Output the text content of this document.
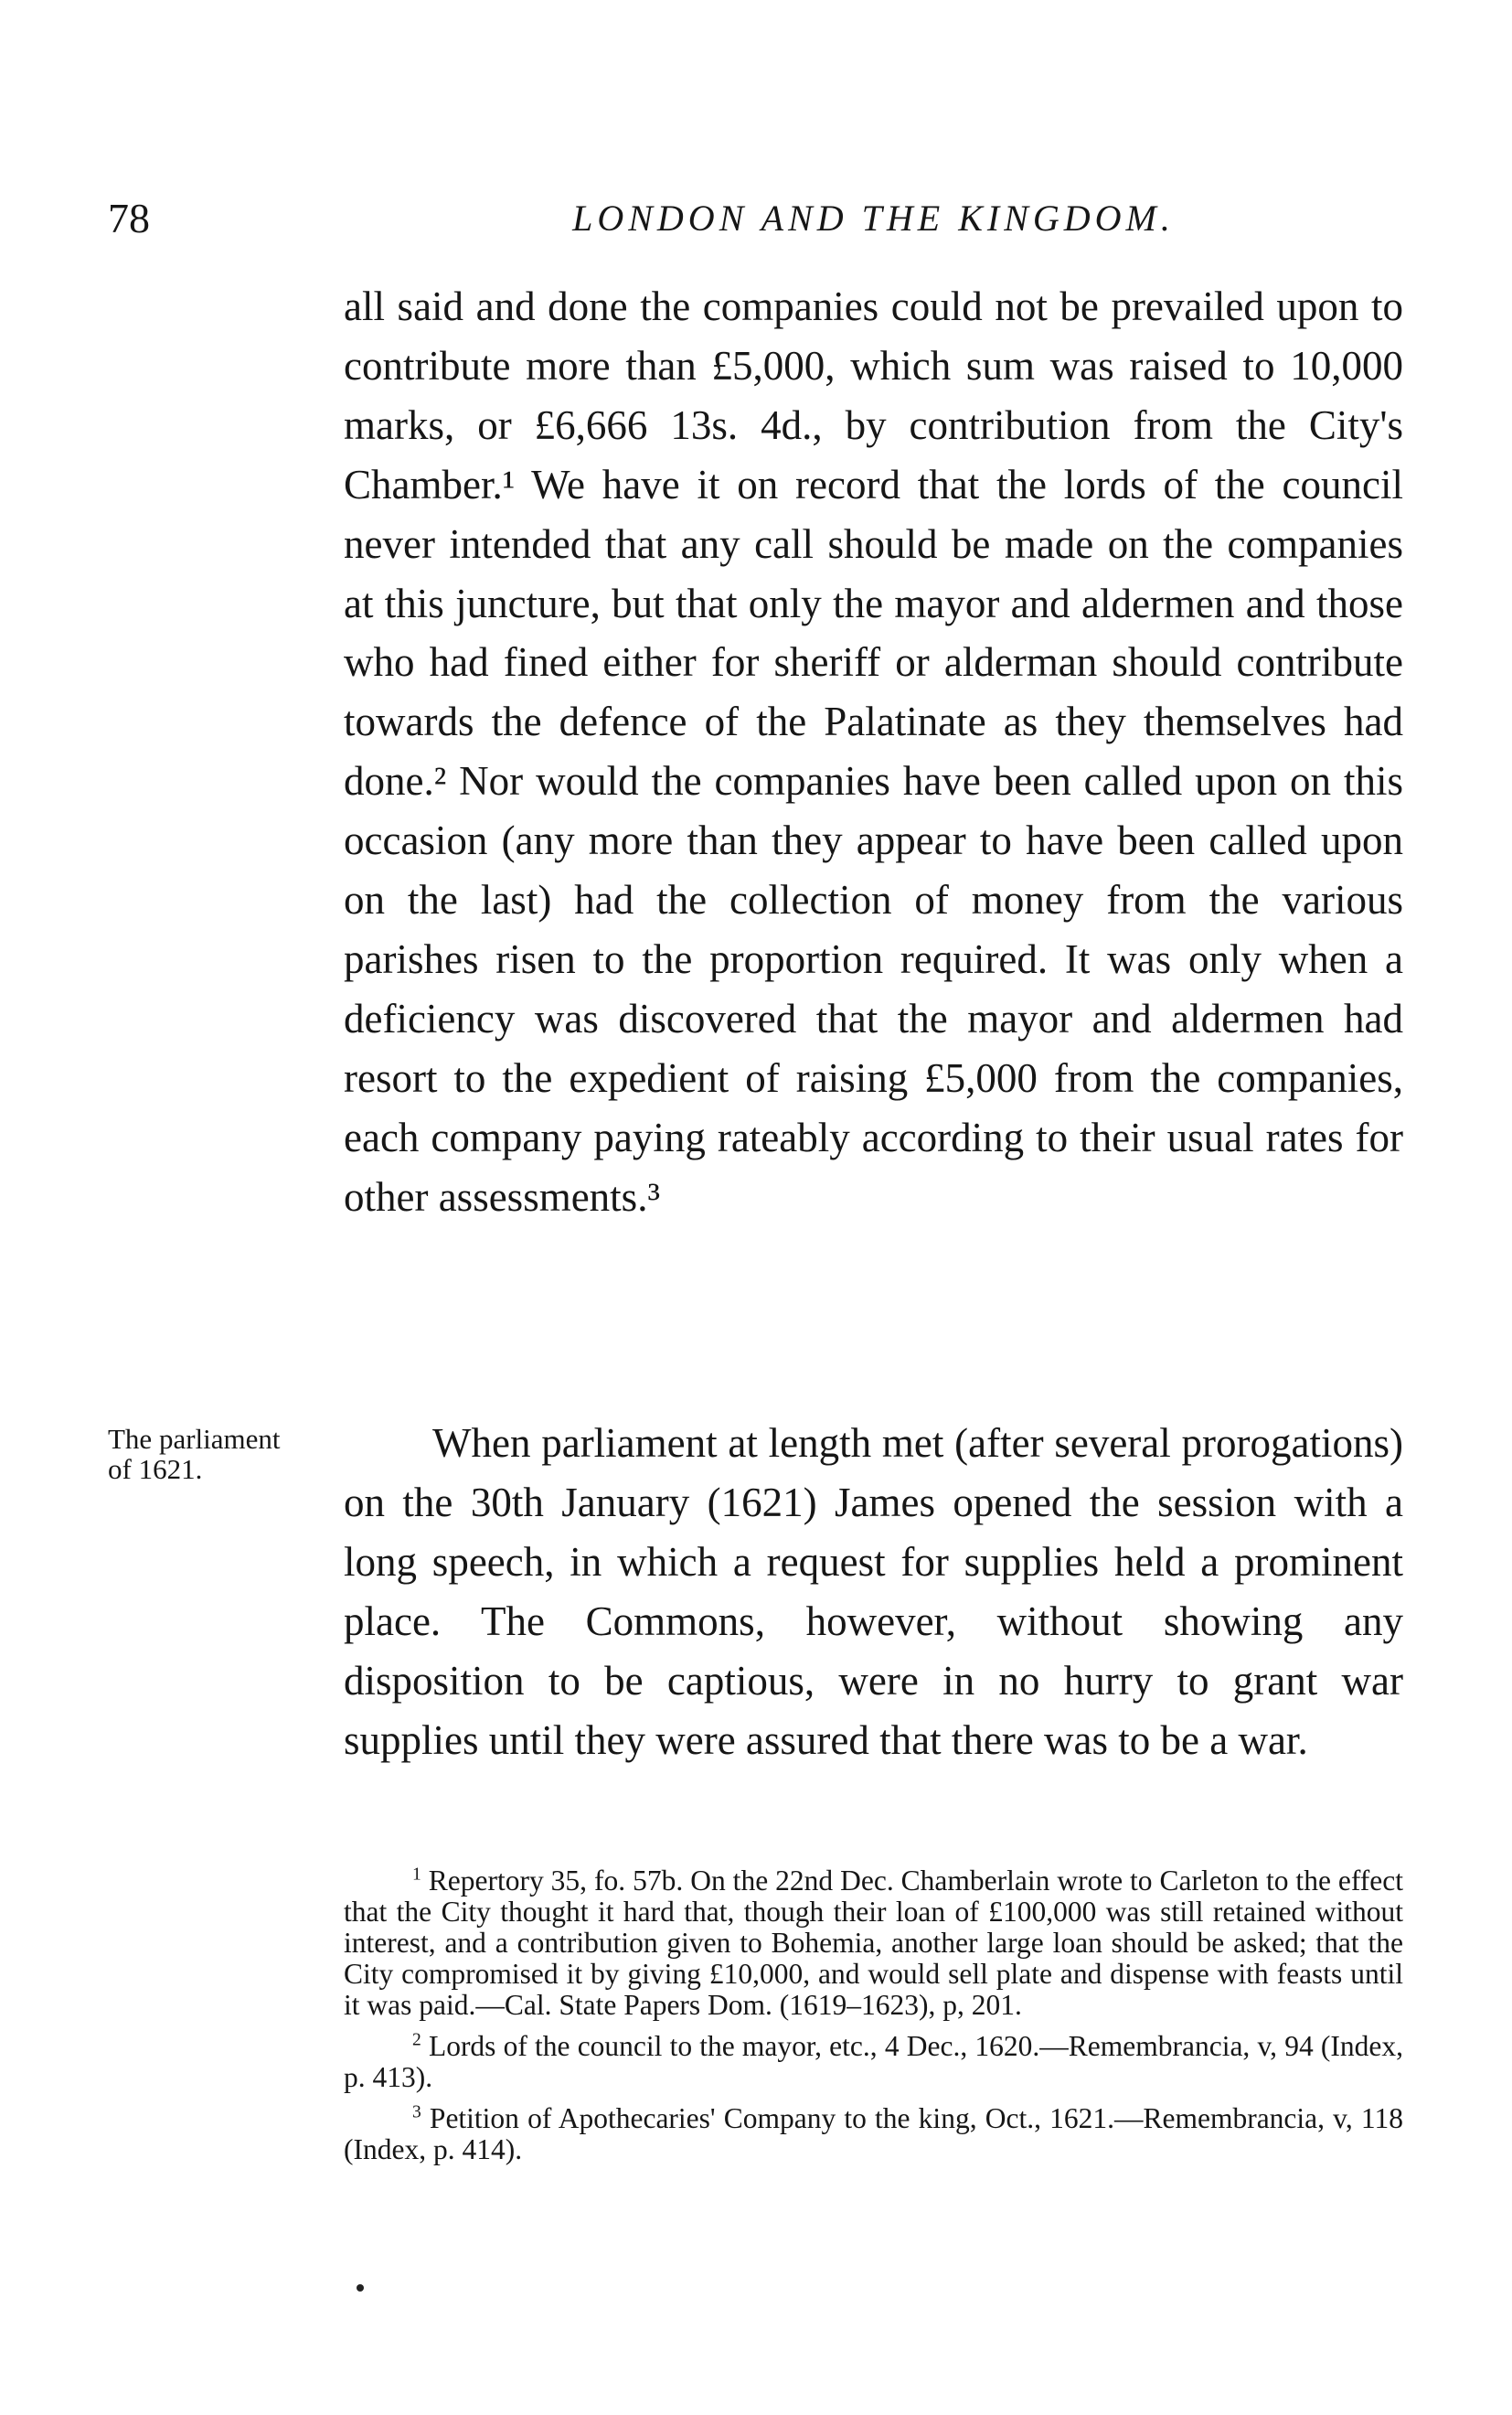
78	LONDON AND THE KINGDOM.

all said and done the companies could not be prevailed upon to contribute more than £5,000, which sum was raised to 10,000 marks, or £6,666 13s. 4d., by contribution from the City's Chamber.¹ We have it on record that the lords of the council never intended that any call should be made on the companies at this juncture, but that only the mayor and aldermen and those who had fined either for sheriff or alderman should contribute towards the defence of the Palatinate as they themselves had done.² Nor would the companies have been called upon on this occasion (any more than they appear to have been called upon on the last) had the collection of money from the various parishes risen to the proportion required. It was only when a deficiency was discovered that the mayor and aldermen had resort to the expedient of raising £5,000 from the companies, each company paying rateably according to their usual rates for other assessments.³

The parliament of 1621.

When parliament at length met (after several prorogations) on the 30th January (1621) James opened the session with a long speech, in which a request for supplies held a prominent place. The Commons, however, without showing any disposition to be captious, were in no hurry to grant war supplies until they were assured that there was to be a war.

$^1$ Repertory 35, fo. 57b. On the 22nd Dec. Chamberlain wrote to Carleton to the effect that the City thought it hard that, though their loan of £100,000 was still retained without interest, and a contribution given to Bohemia, another large loan should be asked; that the City compromised it by giving £10,000, and would sell plate and dispense with feasts until it was paid.—Cal. State Papers Dom. (1619–1623), p, 201.

$^2$ Lords of the council to the mayor, etc., 4 Dec., 1620.—Remembrancia, v, 94 (Index, p. 413).

$^3$ Petition of Apothecaries' Company to the king, Oct., 1621.—Remembrancia, v, 118 (Index, p. 414).
